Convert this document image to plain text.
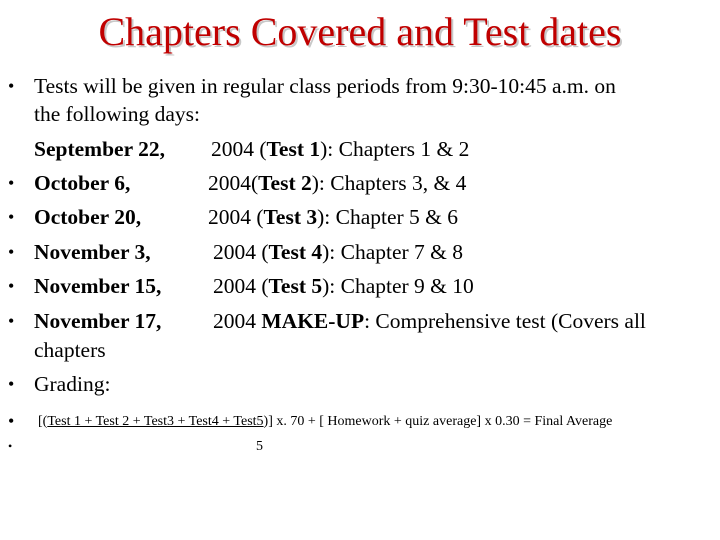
Chapters Covered and Test dates
• Tests will be given in regular class periods from 9:30-10:45 a.m. on
the following days:
September 22, 2004 (Test 1): Chapters 1 & 2
• October 6,	2004(Test 2): Chapters 3, & 4
• October 20,	2004 (Test 3): Chapter 5 & 6
• November 3,	2004 (Test 4): Chapter 7 & 8
• November 15, 2004 (Test 5): Chapter 9 & 10
• November 17, 2004 MAKE-UP: Comprehensive test (Covers all
chapters
• Grading:
• [(Test 1 + Test 2 + Test3 + Test4 + Test5)] x. 70 + [ Homework + quiz average] x 0.30 = Final Average
•	5
